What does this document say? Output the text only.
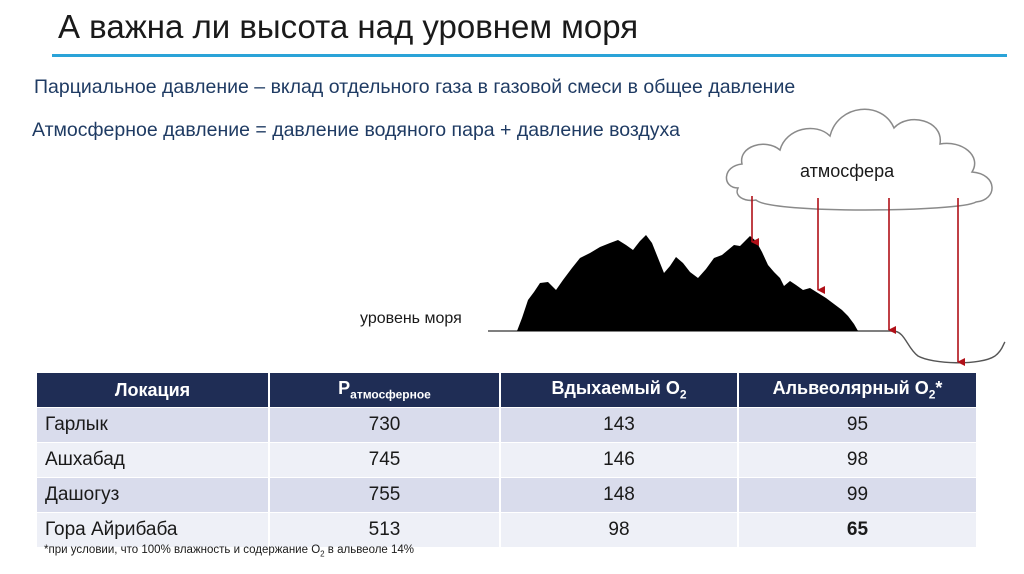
А важна ли высота над уровнем моря
Парциальное давление – вклад отдельного газа в газовой смеси в общее давление
Атмосферное давление = давление водяного пара + давление воздуха
атмосфера
уровень моря
Локация	$P_{атмосферное}$	Вдыхаемый $O_2$	Альвеолярный $O_2*$
Гарлык	730	143	95
Ашхабад	745	146	98
Дашогуз	755	148	99
Гора Айрибаба	513	98	65
*при условии, что 100% влажность и содержание $O_2$ в альвеоле 14%
